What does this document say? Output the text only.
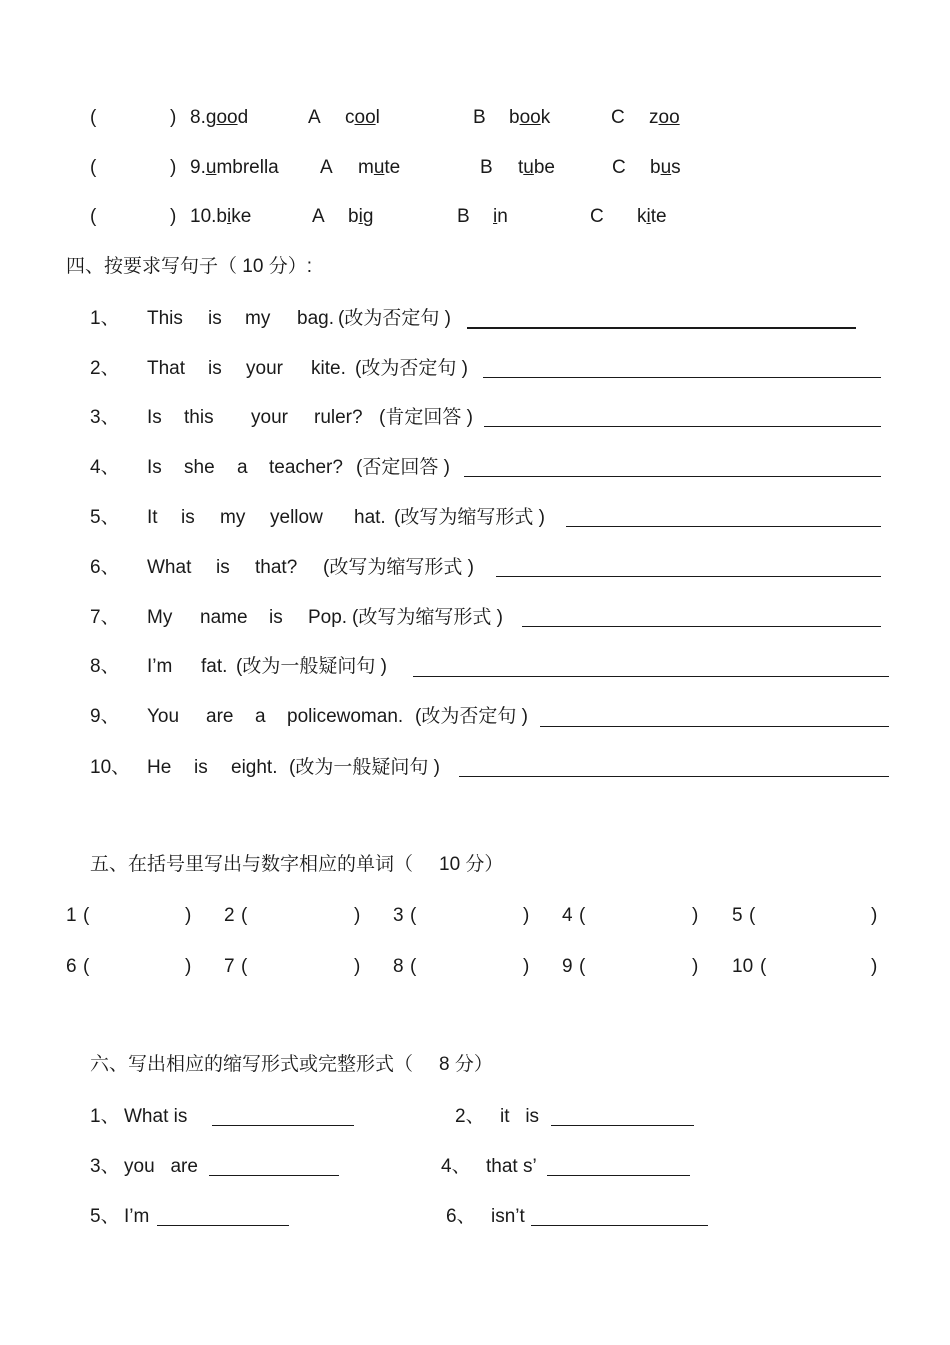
(	) 8.good	A cool	B book	C zoo
(	) 9.umbrella A mute	B tube	C bus
(	) 10.bike	A big	B in	C kite
四、按要求写句子（ 10 分）:
1、 This is my bag. (改为否定句 )
2、 That is your kite. (改为否定句 )
3、 Is this your ruler? (肯定回答 )
4、 Is she a teacher? (否定回答 )
5、 It is my yellow hat. (改写为缩写形式 )
6、 What is that? (改写为缩写形式 )
7、 My name is Pop. (改写为缩写形式 )
8、 I’m fat. (改为一般疑问句 )
9、 You are a policewoman. (改为否定句 )
10、 He is eight. (改为一般疑问句 )
五、在括号里写出与数字相应的单词（ 10 分）
1 (	) 2 (	) 3 (	) 4 (	) 5 (	)
6 (	) 7 (	) 8 (	) 9 (	) 10 (	)
六、写出相应的缩写形式或完整形式（ 8 分）
1、 What is	2、 it   is
3、 you   are	4、 that s’
5、 I’m	6、 isn’t
